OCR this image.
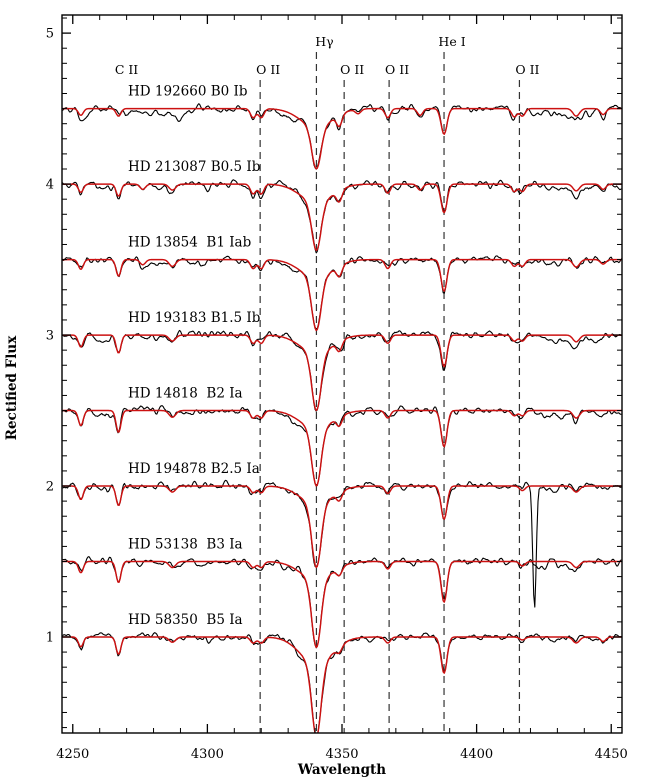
4250	4300	4350	4400	4450
1
2
3
4
5
C II	O II
Hγ
O II O II
He I
O II
HD 192660 B0 Ib
HD 213087 B0.5 Ib
HD 13854  B1 Iab
HD 193183 B1.5 Ib
HD 14818  B2 Ia
HD 194878 B2.5 Ia
HD 53138  B3 Ia
HD 58350  B5 Ia
Wavelength
Rectified Flux
